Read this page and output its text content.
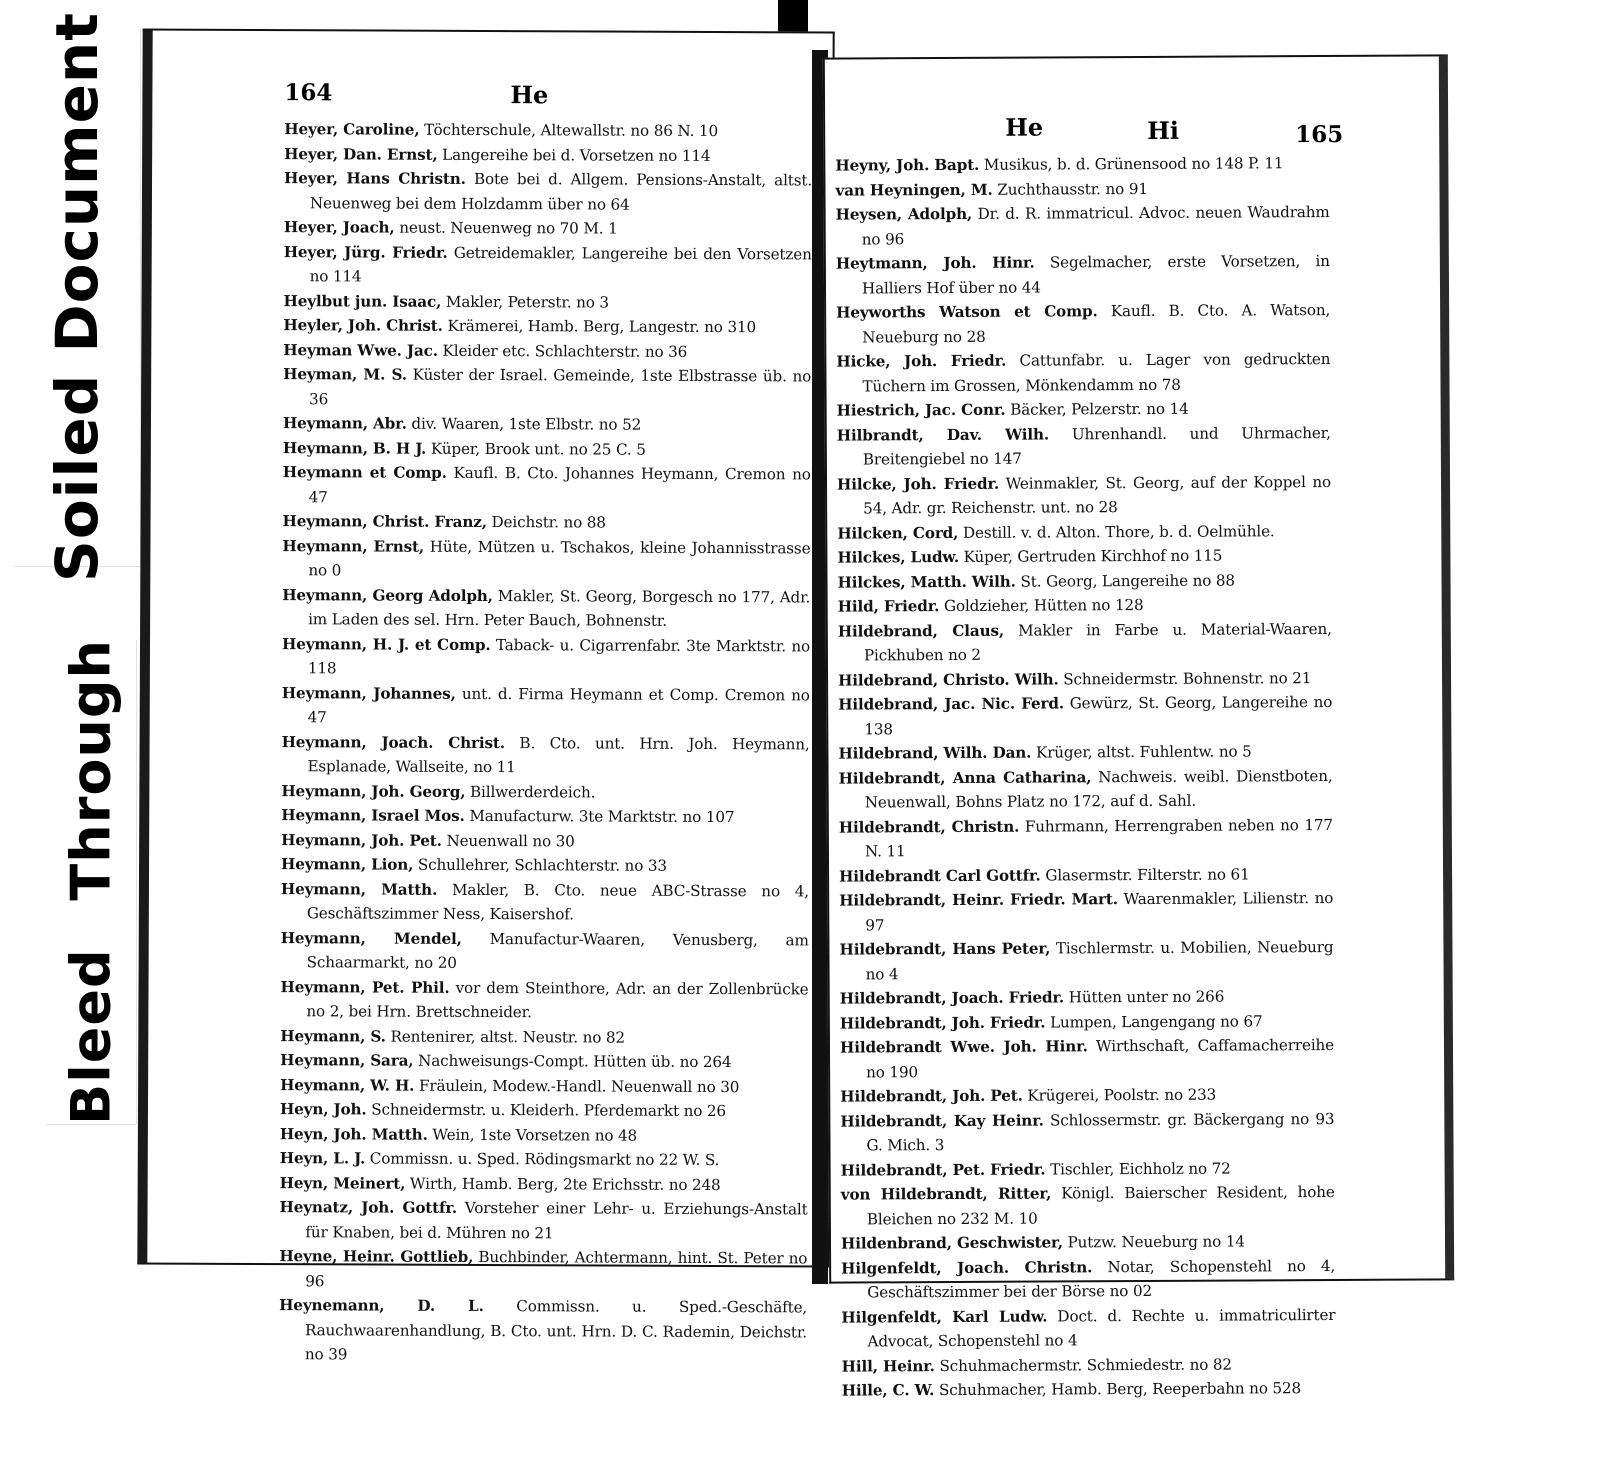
Soiled Document
Bleed Through
164	He
Heyer, Caroline, Töchterschule, Altewallstr. no 86 N. 10
Heyer, Dan. Ernst, Langereihe bei d. Vorsetzen no 114
Heyer, Hans Christn. Bote bei d. Allgem. Pensions-Anstalt, altst. Neuenweg bei dem Holzdamm über no 64
Heyer, Joach, neust. Neuenweg no 70 M. 1
Heyer, Jürg. Friedr. Getreidemakler, Langereihe bei den Vorsetzen no 114
Heylbut jun. Isaac, Makler, Peterstr. no 3
Heyler, Joh. Christ. Krämerei, Hamb. Berg, Langestr. no 310
Heyman Wwe. Jac. Kleider etc. Schlachterstr. no 36
Heyman, M. S. Küster der Israel. Gemeinde, 1ste Elbstrasse üb. no 36
Heymann, Abr. div. Waaren, 1ste Elbstr. no 52
Heymann, B. H J. Küper, Brook unt. no 25 C. 5
Heymann et Comp. Kaufl. B. Cto. Johannes Heymann, Cremon no 47
Heymann, Christ. Franz, Deichstr. no 88
Heymann, Ernst, Hüte, Mützen u. Tschakos, kleine Johannisstrasse no 0
Heymann, Georg Adolph, Makler, St. Georg, Borgesch no 177, Adr. im Laden des sel. Hrn. Peter Bauch, Bohnenstr.
Heymann, H. J. et Comp. Taback- u. Cigarrenfabr. 3te Marktstr. no 118
Heymann, Johannes, unt. d. Firma Heymann et Comp. Cremon no 47
Heymann, Joach. Christ. B. Cto. unt. Hrn. Joh. Heymann, Esplanade, Wallseite, no 11
Heymann, Joh. Georg, Billwerderdeich.
Heymann, Israel Mos. Manufacturw. 3te Marktstr. no 107
Heymann, Joh. Pet. Neuenwall no 30
Heymann, Lion, Schullehrer, Schlachterstr. no 33
Heymann, Matth. Makler, B. Cto. neue ABC-Strasse no 4, Geschäftszimmer Ness, Kaisershof.
Heymann, Mendel, Manufactur-Waaren, Venusberg, am Schaarmarkt, no 20
Heymann, Pet. Phil. vor dem Steinthore, Adr. an der Zollenbrücke no 2, bei Hrn. Brettschneider.
Heymann, S. Rentenirer, altst. Neustr. no 82
Heymann, Sara, Nachweisungs-Compt. Hütten üb. no 264
Heymann, W. H. Fräulein, Modew.-Handl. Neuenwall no 30
Heyn, Joh. Schneidermstr. u. Kleiderh. Pferdemarkt no 26
Heyn, Joh. Matth. Wein, 1ste Vorsetzen no 48
Heyn, L. J. Commissn. u. Sped. Rödingsmarkt no 22 W. S.
Heyn, Meinert, Wirth, Hamb. Berg, 2te Erichsstr. no 248
Heynatz, Joh. Gottfr. Vorsteher einer Lehr- u. Erziehungs-Anstalt für Knaben, bei d. Mühren no 21
Heyne, Heinr. Gottlieb, Buchbinder, Achtermann, hint. St. Peter no 96
Heynemann, D. L. Commissn. u. Sped.-Geschäfte, Rauchwaarenhandlung, B. Cto. unt. Hrn. D. C. Rademin, Deichstr. no 39
He	Hi	165
Heyny, Joh. Bapt. Musikus, b. d. Grünensood no 148 P. 11
van Heyningen, M. Zuchthausstr. no 91
Heysen, Adolph, Dr. d. R. immatricul. Advoc. neuen Waudrahm no 96
Heytmann, Joh. Hinr. Segelmacher, erste Vorsetzen, in Halliers Hof über no 44
Heyworths Watson et Comp. Kaufl. B. Cto. A. Watson, Neueburg no 28
Hicke, Joh. Friedr. Cattunfabr. u. Lager von gedruckten Tüchern im Grossen, Mönkendamm no 78
Hiestrich, Jac. Conr. Bäcker, Pelzerstr. no 14
Hilbrandt, Dav. Wilh. Uhrenhandl. und Uhrmacher, Breitengiebel no 147
Hilcke, Joh. Friedr. Weinmakler, St. Georg, auf der Koppel no 54, Adr. gr. Reichenstr. unt. no 28
Hilcken, Cord, Destill. v. d. Alton. Thore, b. d. Oelmühle.
Hilckes, Ludw. Küper, Gertruden Kirchhof no 115
Hilckes, Matth. Wilh. St. Georg, Langereihe no 88
Hild, Friedr. Goldzieher, Hütten no 128
Hildebrand, Claus, Makler in Farbe u. Material-Waaren, Pickhuben no 2
Hildebrand, Christo. Wilh. Schneidermstr. Bohnenstr. no 21
Hildebrand, Jac. Nic. Ferd. Gewürz, St. Georg, Langereihe no 138
Hildebrand, Wilh. Dan. Krüger, altst. Fuhlentw. no 5
Hildebrandt, Anna Catharina, Nachweis. weibl. Dienstboten, Neuenwall, Bohns Platz no 172, auf d. Sahl.
Hildebrandt, Christn. Fuhrmann, Herrengraben neben no 177 N. 11
Hildebrandt Carl Gottfr. Glasermstr. Filterstr. no 61
Hildebrandt, Heinr. Friedr. Mart. Waarenmakler, Lilienstr. no 97
Hildebrandt, Hans Peter, Tischlermstr. u. Mobilien, Neueburg no 4
Hildebrandt, Joach. Friedr. Hütten unter no 266
Hildebrandt, Joh. Friedr. Lumpen, Langengang no 67
Hildebrandt Wwe. Joh. Hinr. Wirthschaft, Caffamacherreihe no 190
Hildebrandt, Joh. Pet. Krügerei, Poolstr. no 233
Hildebrandt, Kay Heinr. Schlossermstr. gr. Bäckergang no 93 G. Mich. 3
Hildebrandt, Pet. Friedr. Tischler, Eichholz no 72
von Hildebrandt, Ritter, Königl. Baierscher Resident, hohe Bleichen no 232 M. 10
Hildenbrand, Geschwister, Putzw. Neueburg no 14
Hilgenfeldt, Joach. Christn. Notar, Schopenstehl no 4, Geschäftszimmer bei der Börse no 02
Hilgenfeldt, Karl Ludw. Doct. d. Rechte u. immatriculirter Advocat, Schopenstehl no 4
Hill, Heinr. Schuhmachermstr. Schmiedestr. no 82
Hille, C. W. Schuhmacher, Hamb. Berg, Reeperbahn no 528
